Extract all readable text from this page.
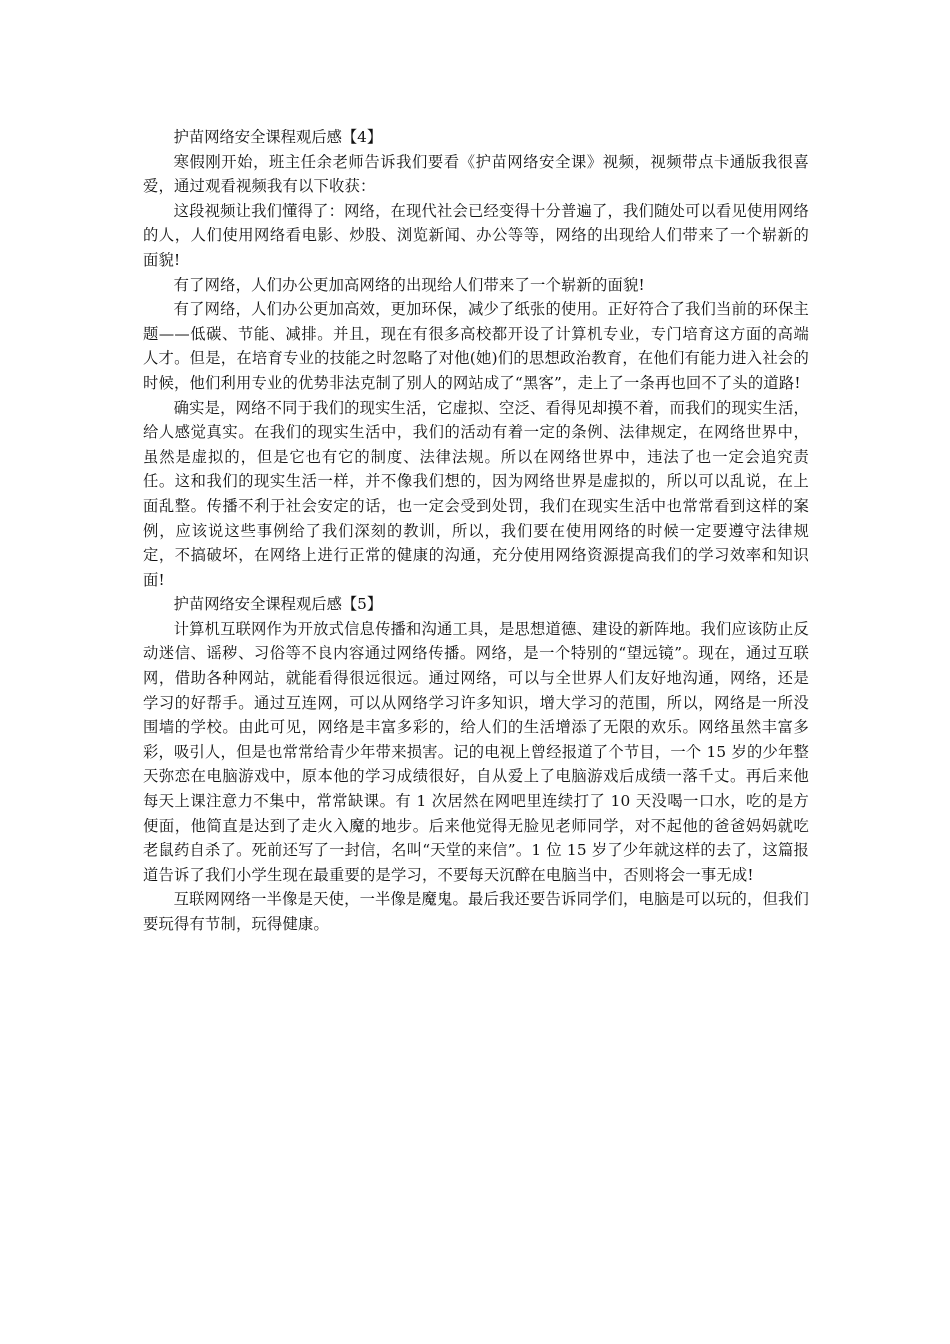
护苗网络安全课程观后感【4】

寒假刚开始，班主任余老师告诉我们要看《护苗网络安全课》视频，视频带点卡通版我很喜爱，通过观看视频我有以下收获：

这段视频让我们懂得了：网络，在现代社会已经变得十分普遍了，我们随处可以看见使用网络的人，人们使用网络看电影、炒股、浏览新闻、办公等等，网络的出现给人们带来了一个崭新的面貌!

有了网络，人们办公更加高网络的出现给人们带来了一个崭新的面貌!

有了网络，人们办公更加高效，更加环保，减少了纸张的使用。正好符合了我们当前的环保主题——低碳、节能、减排。并且，现在有很多高校都开设了计算机专业，专门培育这方面的高端人才。但是，在培育专业的技能之时忽略了对他(她)们的思想政治教育，在他们有能力进入社会的时候，他们利用专业的优势非法克制了别人的网站成了“黑客”，走上了一条再也回不了头的道路!

确实是，网络不同于我们的现实生活，它虚拟、空泛、看得见却摸不着，而我们的现实生活，给人感觉真实。在我们的现实生活中，我们的活动有着一定的条例、法律规定，在网络世界中，虽然是虚拟的，但是它也有它的制度、法律法规。所以在网络世界中，违法了也一定会追究责任。这和我们的现实生活一样，并不像我们想的，因为网络世界是虚拟的，所以可以乱说，在上面乱整。传播不利于社会安定的话，也一定会受到处罚，我们在现实生活中也常常看到这样的案例，应该说这些事例给了我们深刻的教训，所以，我们要在使用网络的时候一定要遵守法律规定，不搞破坏，在网络上进行正常的健康的沟通，充分使用网络资源提高我们的学习效率和知识面!

护苗网络安全课程观后感【5】

计算机互联网作为开放式信息传播和沟通工具，是思想道德、建设的新阵地。我们应该防止反动迷信、谣秽、习俗等不良内容通过网络传播。网络，是一个特别的“望远镜”。现在，通过互联网，借助各种网站，就能看得很远很远。通过网络，可以与全世界人们友好地沟通，网络，还是学习的好帮手。通过互连网，可以从网络学习许多知识，增大学习的范围，所以，网络是一所没围墙的学校。由此可见，网络是丰富多彩的，给人们的生活增添了无限的欢乐。网络虽然丰富多彩，吸引人，但是也常常给青少年带来损害。记的电视上曾经报道了个节目，一个 15 岁的少年整天弥恋在电脑游戏中，原本他的学习成绩很好，自从爱上了电脑游戏后成绩一落千丈。再后来他每天上课注意力不集中，常常缺课。有 1 次居然在网吧里连续打了 10 天没喝一口水，吃的是方便面，他简直是达到了走火入魔的地步。后来他觉得无脸见老师同学，对不起他的爸爸妈妈就吃老鼠药自杀了。死前还写了一封信，名叫“天堂的来信”。1 位 15 岁了少年就这样的去了，这篇报道告诉了我们小学生现在最重要的是学习，不要每天沉醉在电脑当中，否则将会一事无成!

互联网网络一半像是天使，一半像是魔鬼。最后我还要告诉同学们，电脑是可以玩的，但我们要玩得有节制，玩得健康。
